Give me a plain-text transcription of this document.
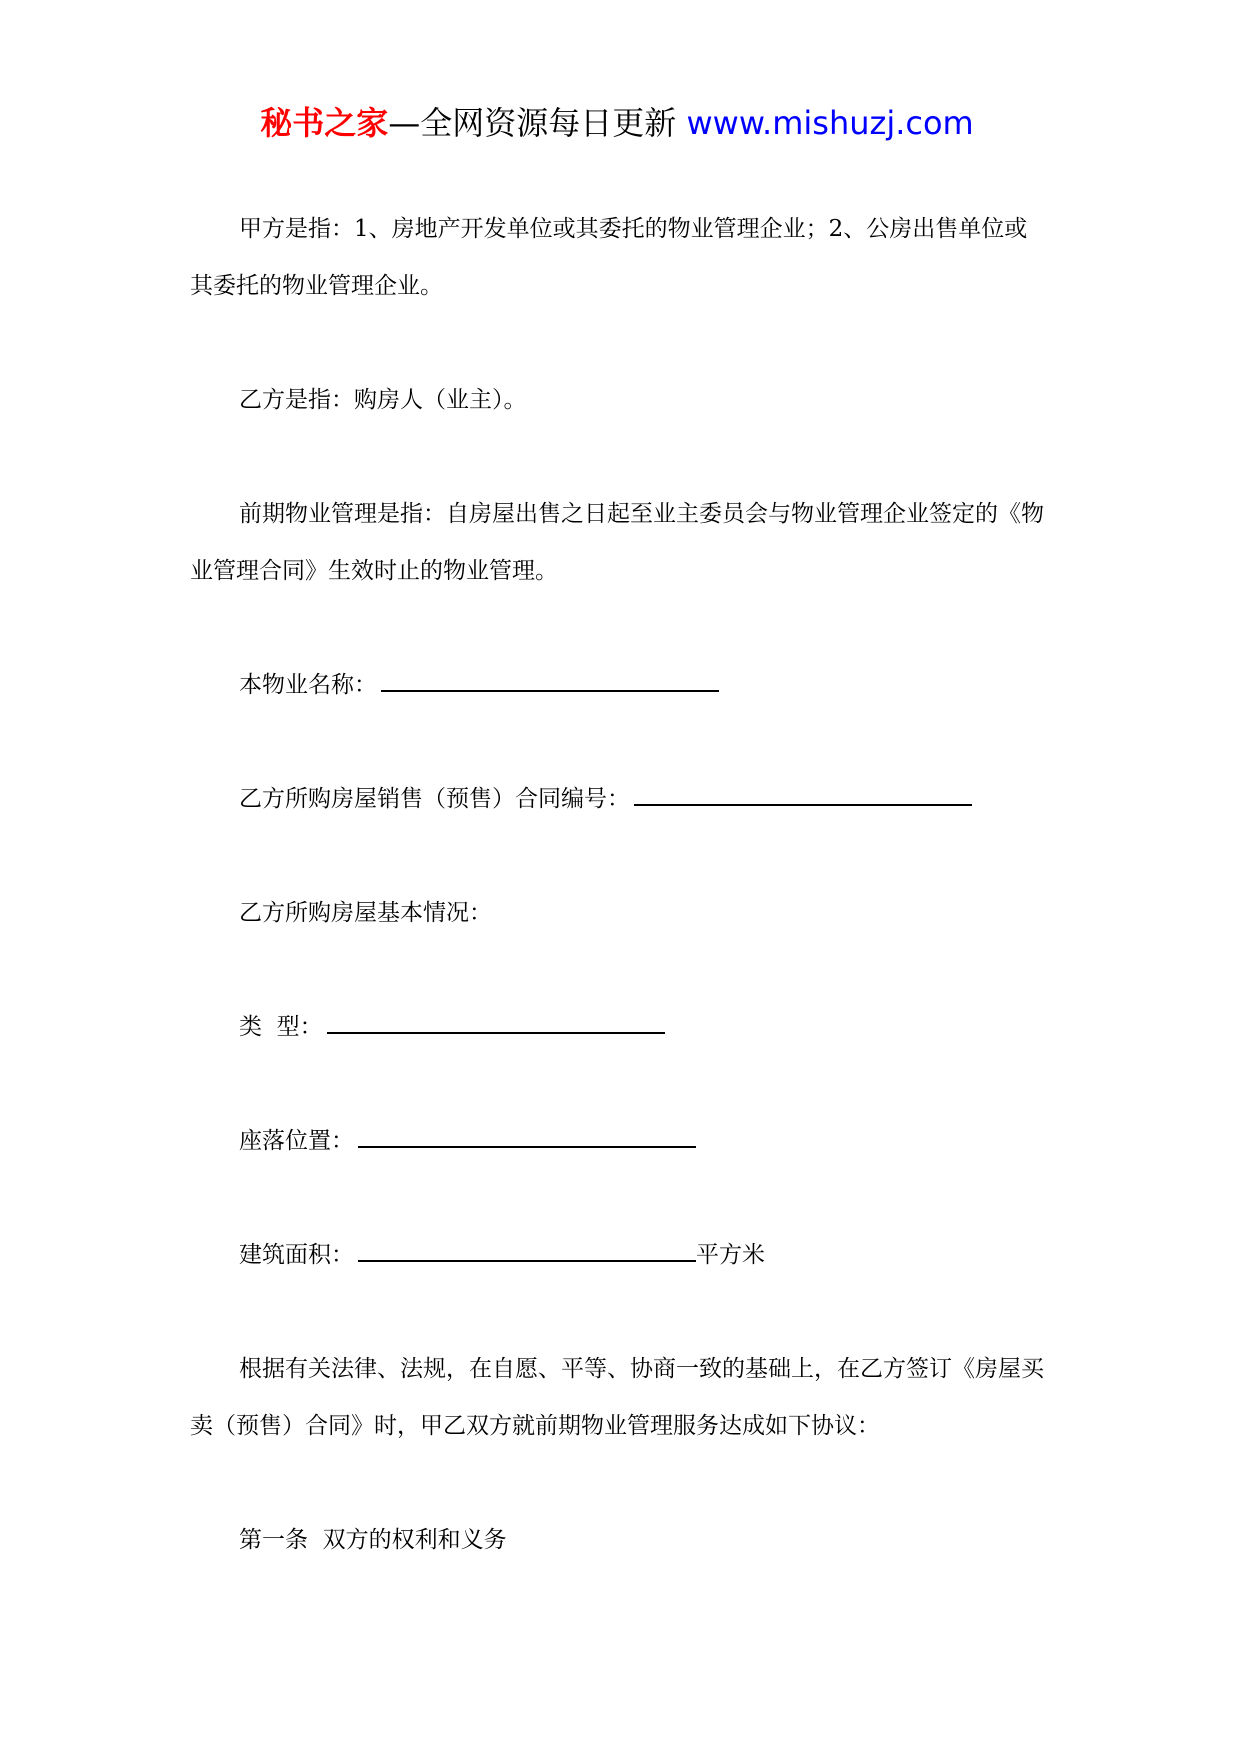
秘书之家—全网资源每日更新 www.mishuzj.com

甲方是指：1、房地产开发单位或其委托的物业管理企业；2、公房出售单位或其委托的物业管理企业。

乙方是指：购房人（业主）。

前期物业管理是指：自房屋出售之日起至业主委员会与物业管理企业签定的《物业管理合同》生效时止的物业管理。

本物业名称：

乙方所购房屋销售（预售）合同编号：

乙方所购房屋基本情况：

类  型：

座落位置：

建筑面积：	平方米

根据有关法律、法规，在自愿、平等、协商一致的基础上，在乙方签订《房屋买卖（预售）合同》时，甲乙双方就前期物业管理服务达成如下协议：

第一条  双方的权利和义务
